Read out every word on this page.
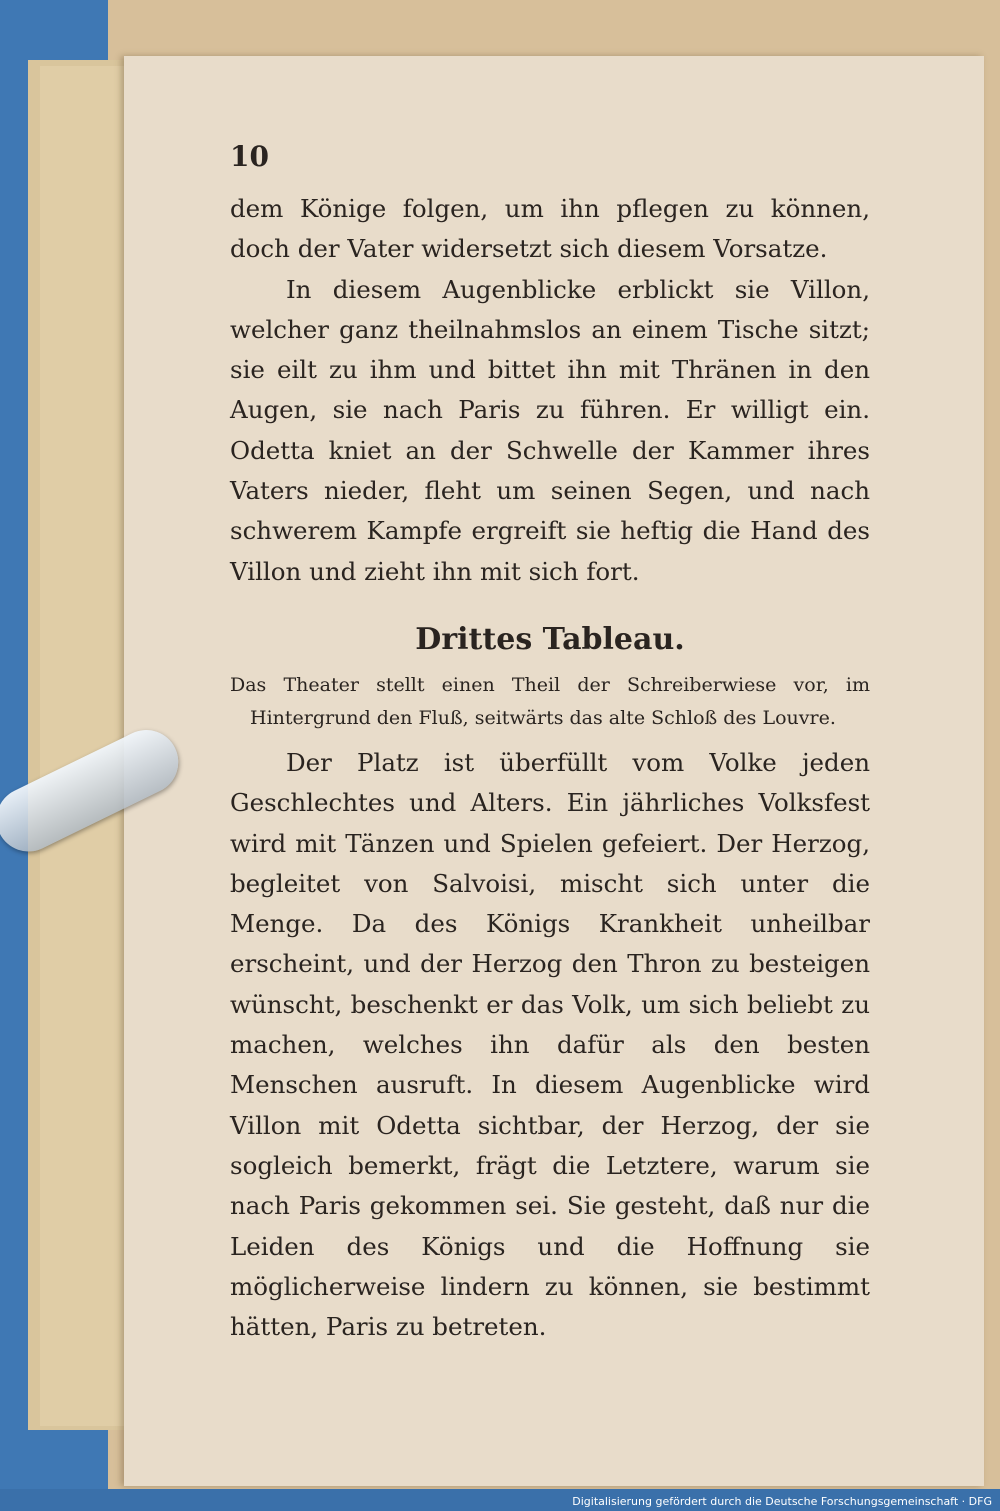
10

dem Könige folgen, um ihn pflegen zu können, doch der Vater widersetzt sich diesem Vorsatze.

In diesem Augenblicke erblickt sie Villon, welcher ganz theilnahmslos an einem Tische sitzt; sie eilt zu ihm und bittet ihn mit Thränen in den Augen, sie nach Paris zu führen. Er willigt ein. Odetta kniet an der Schwelle der Kammer ihres Vaters nieder, fleht um seinen Segen, und nach schwerem Kampfe ergreift sie heftig die Hand des Villon und zieht ihn mit sich fort.

Drittes Tableau.

Das Theater stellt einen Theil der Schreiberwiese vor, im Hintergrund den Fluß, seitwärts das alte Schloß des Louvre.

Der Platz ist überfüllt vom Volke jeden Geschlechtes und Alters. Ein jährliches Volksfest wird mit Tänzen und Spielen gefeiert. Der Herzog, begleitet von Salvoisi, mischt sich unter die Menge. Da des Königs Krankheit unheilbar erscheint, und der Herzog den Thron zu besteigen wünscht, beschenkt er das Volk, um sich beliebt zu machen, welches ihn dafür als den besten Menschen ausruft. In diesem Augenblicke wird Villon mit Odetta sichtbar, der Herzog, der sie sogleich bemerkt, frägt die Letztere, warum sie nach Paris gekommen sei. Sie gesteht, daß nur die Leiden des Königs und die Hoffnung sie möglicherweise lindern zu können, sie bestimmt hätten, Paris zu betreten.

Digitalisierung gefördert durch die Deutsche Forschungsgemeinschaft · DFG
